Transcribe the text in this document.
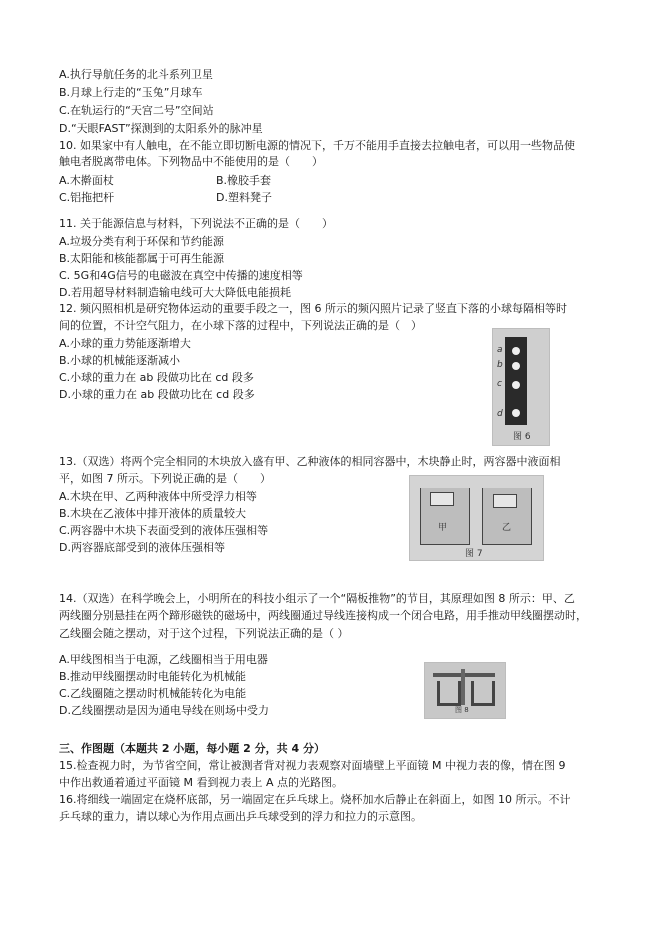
A.执行导航任务的北斗系列卫星
B.月球上行走的“玉兔”月球车
C.在轨运行的“天宫二号”空间站
D.“天眼FAST”探测到的太阳系外的脉冲星
10. 如果家中有人触电，在不能立即切断电源的情况下，千万不能用手直接去拉触电者，可以用一些物品使
触电者脱离带电体。下列物品中不能使用的是（　　）
A.木擀面杖	B.橡胶手套
C.铝拖把杆	D.塑料凳子
11. 关于能源信息与材料，下列说法不正确的是（　　）
A.垃圾分类有利于环保和节约能源
B.太阳能和核能都属于可再生能源
C. 5G和4G信号的电磁波在真空中传播的速度相等
D.若用超导材料制造输电线可大大降低电能损耗
12. 频闪照相机是研究物体运动的重要手段之一，图 6 所示的频闪照片记录了竖直下落的小球每隔相等时
间的位置，不计空气阻力，在小球下落的过程中，下列说法正确的是（　）
A.小球的重力势能逐渐增大
B.小球的机械能逐渐减小
C.小球的重力在 ab 段做功比在 cd 段多
D.小球的重力在 ab 段做功比在 cd 段多
a
b
c
d
图 6
13.（双选）将两个完全相同的木块放入盛有甲、乙种液体的相同容器中，木块静止时，两容器中液面相
平，如图 7 所示。下列说正确的是（　　）
A.木块在甲、乙两种液体中所受浮力相等
B.木块在乙液体中排开液体的质量较大
C.两容器中木块下表面受到的液体压强相等
D.两容器底部受到的液体压强相等
甲	乙
图 7
14.（双选）在科学晚会上，小明所在的科技小组示了一个“隔板推物”的节目，其原理如图 8 所示：甲、乙
两线圈分别悬挂在两个蹄形磁铁的磁场中，两线圈通过导线连接构成一个闭合电路，用手推动甲线圈摆动时，
乙线圈会随之摆动，对于这个过程，下列说法正确的是（ ）
A.甲线图相当于电源，乙线圈相当于用电器
B.推动甲线圈摆动时电能转化为机械能
C.乙线圈随之摆动时机械能转化为电能
D.乙线圈摆动是因为通电导线在则场中受力	图 8
三、作图题（本题共 2 小题，每小题 2 分，共 4 分）
15.检查视力时，为节省空间，常让被测者背对视力表观察对面墙壁上平面镜 M 中视力表的像，情在图 9
中作出救通着通过平面镜 M 看到视力表上 A 点的光路图。
16.将细线一端固定在烧杯底部，另一端固定在乒乓球上。烧杯加水后静止在斜面上，如图 10 所示。不计
乒乓球的重力，请以球心为作用点画出乒乓球受到的浮力和拉力的示意图。
